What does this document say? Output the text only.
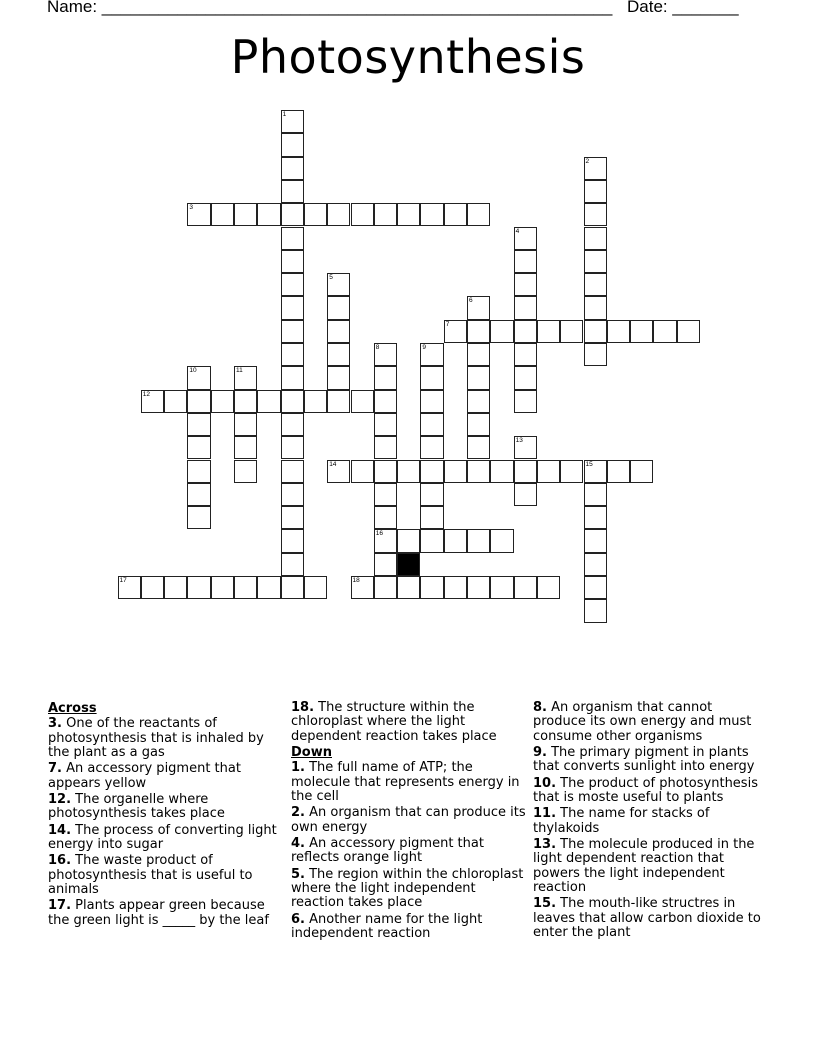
Name: ______________________________________________________ Date: _______
Photosynthesis
1
2
3
4
5
6
7
8
16
9
10	11
12
13
14	15
17	18
Across
3. One of the reactants of photosynthesis that is inhaled by the plant as a gas
7. An accessory pigment that appears yellow
12. The organelle where photosynthesis takes place
14. The process of converting light energy into sugar
16. The waste product of photosynthesis that is useful to animals
17. Plants appear green because the green light is _____ by the leaf
18. The structure within the chloroplast where the light dependent reaction takes place
Down
1. The full name of ATP; the molecule that represents energy in the cell
2. An organism that can produce its own energy
4. An accessory pigment that reflects orange light
5. The region within the chloroplast where the light independent reaction takes place
6. Another name for the light independent reaction
8. An organism that cannot produce its own energy and must consume other organisms
9. The primary pigment in plants that converts sunlight into energy
10. The product of photosynthesis that is moste useful to plants
11. The name for stacks of thylakoids
13. The molecule produced in the light dependent reaction that powers the light independent reaction
15. The mouth-like structres in leaves that allow carbon dioxide to enter the plant
